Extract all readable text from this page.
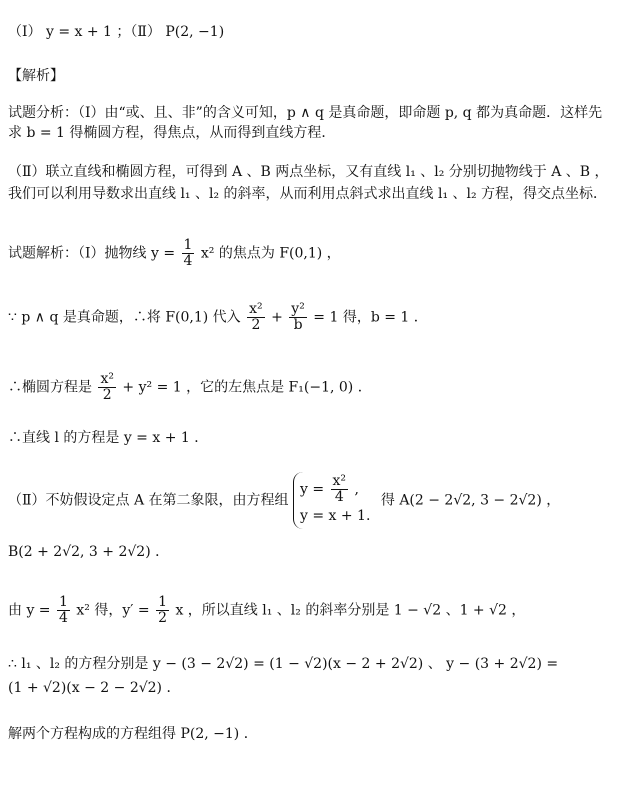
（Ⅰ） y = x + 1 ；（Ⅱ） P(2, −1)
【解析】
试题分析：（Ⅰ）由“或、且、非”的含义可知，p ∧ q 是真命题，即命题 p, q 都为真命题．这样先
求 b = 1 得椭圆方程，得焦点，从而得到直线方程．
（Ⅱ）联立直线和椭圆方程，可得到 A 、B 两点坐标，又有直线 l₁ 、l₂ 分别切抛物线于 A 、B ，
我们可以利用导数求出直线 l₁ 、l₂ 的斜率，从而利用点斜式求出直线 l₁ 、l₂ 方程，得交点坐标．
试题解析：（Ⅰ）抛物线 $y = \frac{1}{4} x^2$ 的焦点为 F(0,1) ，
∵ p ∧ q 是真命题，∴将 F(0,1) 代入 $\frac{\text{x²}}{2} + \frac{\text{y²}}{b} = 1$ 得，b = 1 ．
∴椭圆方程是 $\frac{\text{x²}}{2} + y^2 = 1$ ，它的左焦点是 F₁(−1, 0) ．
∴直线 l 的方程是 y = x + 1 ．
（Ⅱ）不妨假设定点 A 在第二象限，由方程组
$y = \frac{\text{x²}}{4}$ ,
y = x + 1.
得 A(2 − 2√2, 3 − 2√2) ，
B(2 + 2√2, 3 + 2√2) ．
由 $y = \frac{1}{4} x^2$ 得，$y' = \frac{1}{2}$ x ，所以直线 l₁ 、l₂ 的斜率分别是 1 − √2 、1 + √2 ，
∴ l₁ 、l₂ 的方程分别是 y − (3 − 2√2) = (1 − √2)(x − 2 + 2√2) 、 y − (3 + 2√2) =
(1 + √2)(x − 2 − 2√2) ．
解两个方程构成的方程组得 P(2, −1) ．
